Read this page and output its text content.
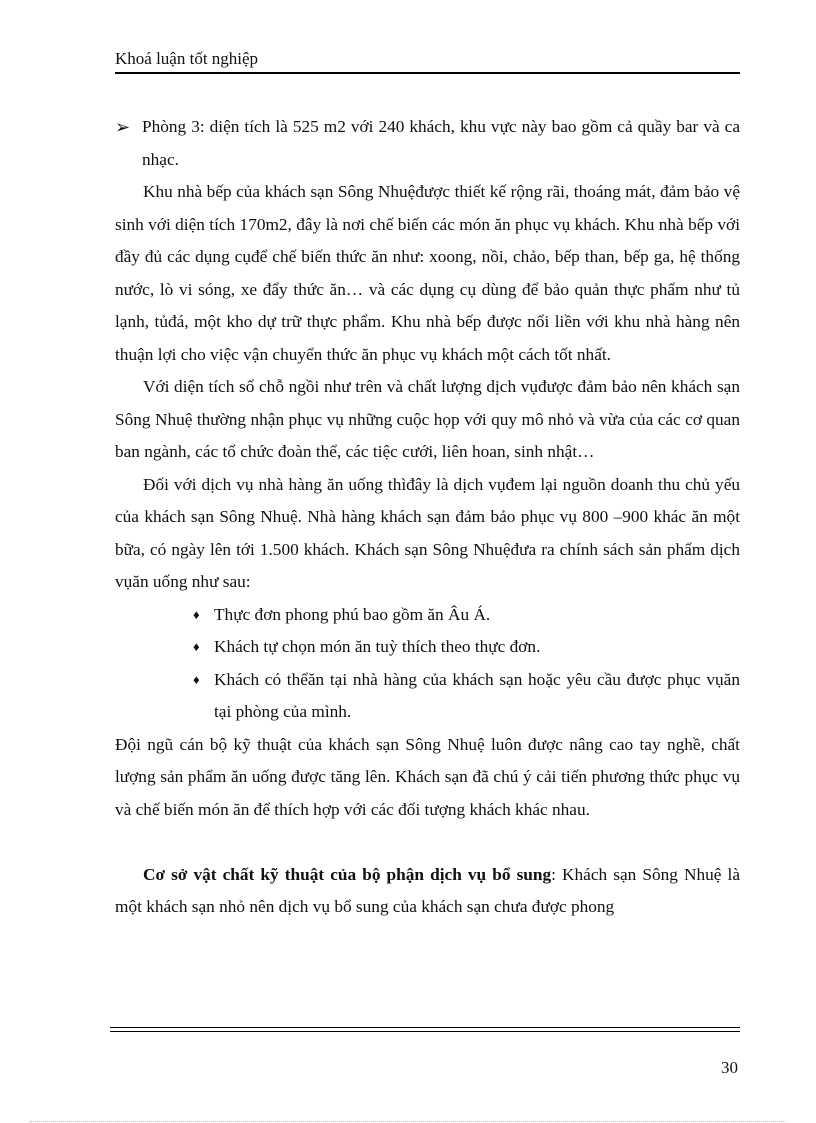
Khoá luận tốt nghiệp

➢ Phòng 3: diện tích là 525 m2 với 240 khách, khu vực này bao gồm cả quầy bar và ca nhạc.

Khu nhà bếp của khách sạn Sông Nhuệđược thiết kế rộng rãi, thoáng mát, đảm bảo vệ sinh với diện tích 170m2, đây là nơi chế biến các món ăn phục vụ khách. Khu nhà bếp với đầy đủ các dụng cụđể chế biến thức ăn như: xoong, nồi, chảo, bếp than, bếp ga, hệ thống nước, lò vi sóng, xe đẩy thức ăn… và các dụng cụ dùng để bảo quản thực phẩm như tủ lạnh, tủđá, một kho dự trữ thực phẩm. Khu nhà bếp được nối liền với khu nhà hàng nên thuận lợi cho việc vận chuyển thức ăn phục vụ khách một cách tốt nhất.

Với diện tích số chỗ ngồi như trên và chất lượng dịch vụđược đảm bảo nên khách sạn Sông Nhuệ thường nhận phục vụ những cuộc họp với quy mô nhỏ và vừa của các cơ quan ban ngành, các tổ chức đoàn thể, các tiệc cưới, liên hoan, sinh nhật…

Đối với dịch vụ nhà hàng ăn uống thìđây là dịch vụđem lại nguồn doanh thu chủ yếu của khách sạn Sông Nhuệ. Nhà hàng khách sạn đảm bảo phục vụ 800 –900 khác ăn một bữa, có ngày lên tới 1.500 khách. Khách sạn Sông Nhuệđưa ra chính sách sản phẩm dịch vụăn uống như sau:

♦ Thực đơn phong phú bao gồm ăn Âu Á.
♦ Khách tự chọn món ăn tuỳ thích theo thực đơn.
♦ Khách có thểăn tại nhà hàng của khách sạn hoặc yêu cầu được phục vụăn tại phòng của mình.

Đội ngũ cán bộ kỹ thuật của khách sạn Sông Nhuệ luôn được nâng cao tay nghề, chất lượng sản phẩm ăn uống được tăng lên. Khách sạn đã chú ý cải tiến phương thức phục vụ và chế biến món ăn để thích hợp với các đối tượng khách khác nhau.

Cơ sở vật chất kỹ thuật của bộ phận dịch vụ bổ sung: Khách sạn Sông Nhuệ là một khách sạn nhỏ nên dịch vụ bổ sung của khách sạn chưa được phong

30
